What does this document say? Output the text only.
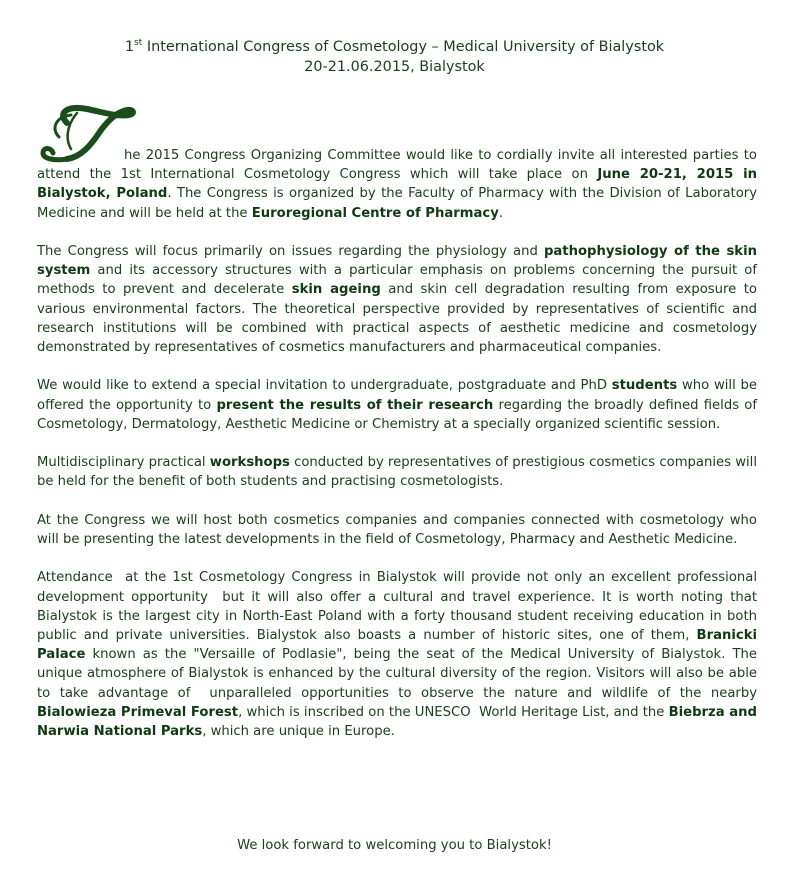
1st International Congress of Cosmetology – Medical University of Bialystok
20-21.06.2015, Bialystok

he 2015 Congress Organizing Committee would like to cordially invite all interested parties to attend the 1st International Cosmetology Congress which will take place on June 20-21, 2015 in Bialystok, Poland. The Congress is organized by the Faculty of Pharmacy with the Division of Laboratory Medicine and will be held at the Euroregional Centre of Pharmacy.

The Congress will focus primarily on issues regarding the physiology and pathophysiology of the skin system and its accessory structures with a particular emphasis on problems concerning the pursuit of methods to prevent and decelerate skin ageing and skin cell degradation resulting from exposure to various environmental factors. The theoretical perspective provided by representatives of scientific and research institutions will be combined with practical aspects of aesthetic medicine and cosmetology demonstrated by representatives of cosmetics manufacturers and pharmaceutical companies.

We would like to extend a special invitation to undergraduate, postgraduate and PhD students who will be offered the opportunity to present the results of their research regarding the broadly defined fields of Cosmetology, Dermatology, Aesthetic Medicine or Chemistry at a specially organized scientific session.

Multidisciplinary practical workshops conducted by representatives of prestigious cosmetics companies will be held for the benefit of both students and practising cosmetologists.

At the Congress we will host both cosmetics companies and companies connected with cosmetology who will be presenting the latest developments in the field of Cosmetology, Pharmacy and Aesthetic Medicine.

Attendance  at the 1st Cosmetology Congress in Bialystok will provide not only an excellent professional development opportunity  but it will also offer a cultural and travel experience. It is worth noting that Bialystok is the largest city in North-East Poland with a forty thousand student receiving education in both public and private universities. Bialystok also boasts a number of historic sites, one of them, Branicki Palace known as the "Versaille of Podlasie", being the seat of the Medical University of Bialystok. The unique atmosphere of Bialystok is enhanced by the cultural diversity of the region. Visitors will also be able to take advantage of  unparalleled opportunities to observe the nature and wildlife of the nearby Bialowieza Primeval Forest, which is inscribed on the UNESCO  World Heritage List, and the Biebrza and Narwia National Parks, which are unique in Europe.

We look forward to welcoming you to Bialystok!
